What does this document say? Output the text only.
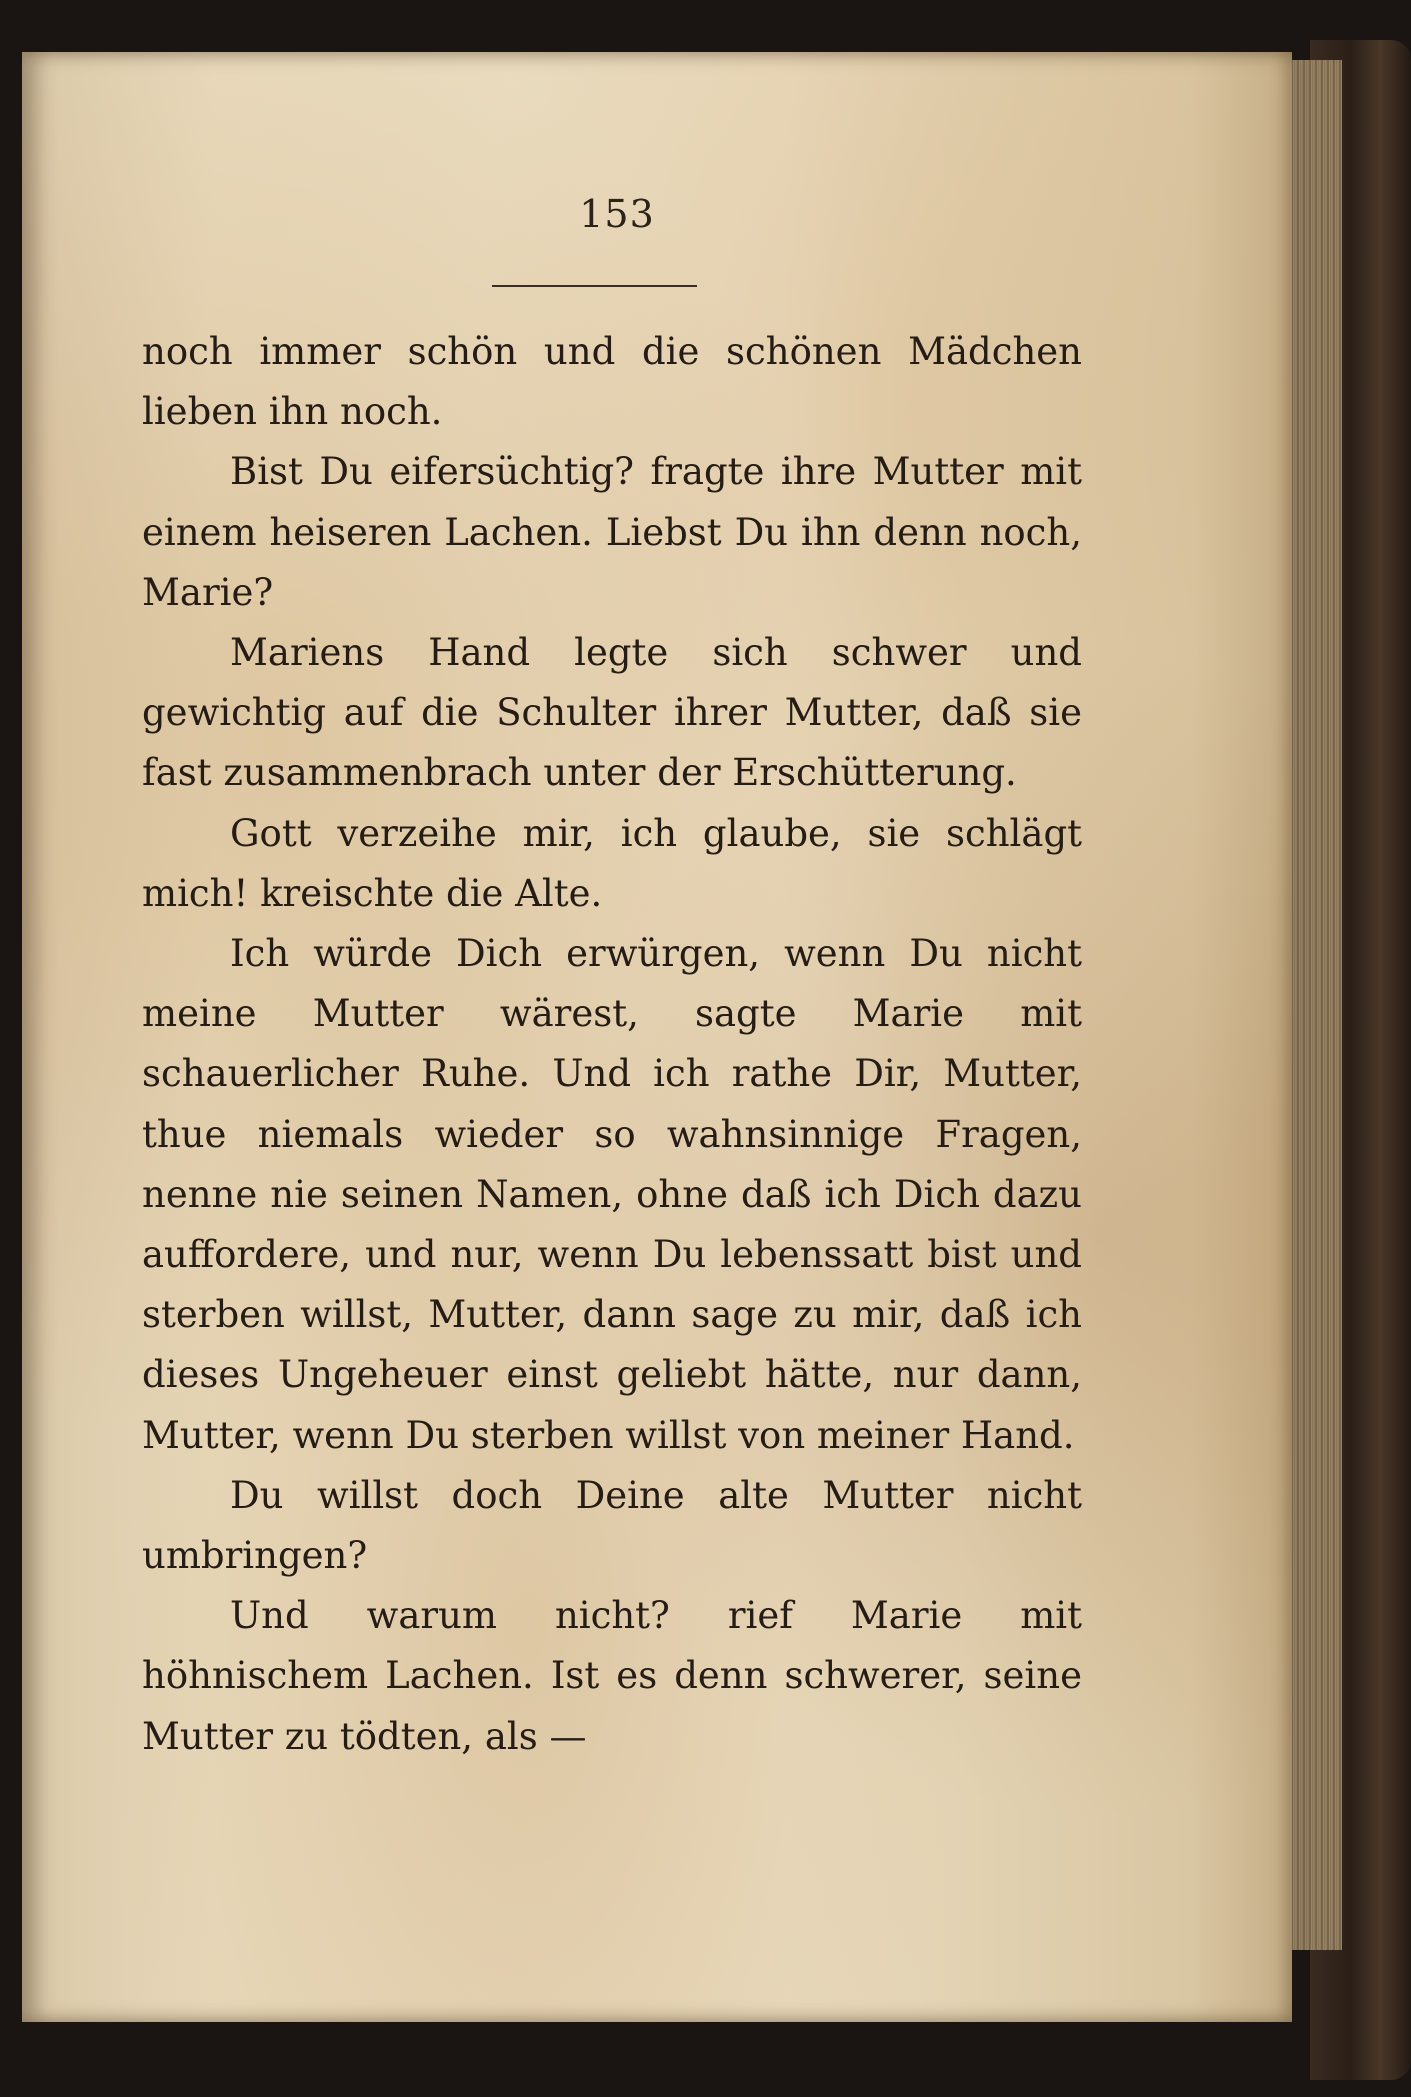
153

noch immer schön und die schönen Mädchen lieben ihn noch.

Bist Du eifersüchtig? fragte ihre Mutter mit einem heiseren Lachen. Liebst Du ihn denn noch, Marie?

Mariens Hand legte sich schwer und gewichtig auf die Schulter ihrer Mutter, daß sie fast zusammenbrach unter der Erschütterung.

Gott verzeihe mir, ich glaube, sie schlägt mich! kreischte die Alte.

Ich würde Dich erwürgen, wenn Du nicht meine Mutter wärest, sagte Marie mit schauerlicher Ruhe. Und ich rathe Dir, Mutter, thue niemals wieder so wahnsinnige Fragen, nenne nie seinen Namen, ohne daß ich Dich dazu auffordere, und nur, wenn Du lebenssatt bist und sterben willst, Mutter, dann sage zu mir, daß ich dieses Ungeheuer einst geliebt hätte, nur dann, Mutter, wenn Du sterben willst von meiner Hand.

Du willst doch Deine alte Mutter nicht umbringen?

Und warum nicht? rief Marie mit höhnischem Lachen. Ist es denn schwerer, seine Mutter zu tödten, als —
